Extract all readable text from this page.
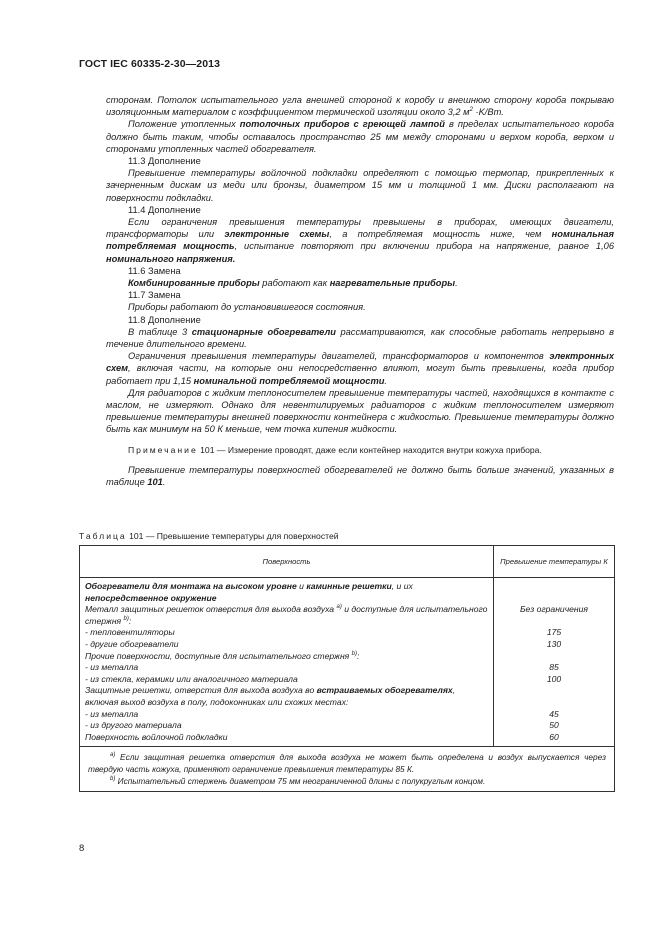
ГОСТ IEC 60335-2-30—2013

сторонам. Потолок испытательного угла внешней стороной к коробу и внешнюю сторону короба покрываю изоляционным материалом с коэффициентом термической изоляции около 3,2 $м^2 \cdot K/Вт$.

Положение утопленных потолочных приборов с греющей лампой в пределах испытательного короба должно быть таким, чтобы оставалось пространство 25 мм между сторонами и верхом короба, верхом и сторонами утопленных частей обогревателя.

11.3 Дополнение

Превышение температуры войлочной подкладки определяют с помощью термопар, прикрепленных к зачерненным дискам из меди или бронзы, диаметром 15 мм и толщиной 1 мм. Диски располагают на поверхности подкладки.

11.4 Дополнение

Если ограничения превышения температуры превышены в приборах, имеющих двигатели, трансформаторы или электронные схемы, а потребляемая мощность ниже, чем номинальная потребляемая мощность, испытание повторяют при включении прибора на напряжение, равное 1,06 номинального напряжения.

11.6 Замена

Комбинированные приборы работают как нагревательные приборы.

11.7 Замена

Приборы работают до установившегося состояния.

11.8 Дополнение

В таблице 3 стационарные обогреватели рассматриваются, как способные работать непрерывно в течение длительного времени.

Ограничения превышения температуры двигателей, трансформаторов и компонентов электронных схем, включая части, на которые они непосредственно влияют, могут быть превышены, когда прибор работает при 1,15 номинальной потребляемой мощности.

Для радиаторов с жидким теплоносителем превышение температуры частей, находящихся в контакте с маслом, не измеряют. Однако для невентилируемых радиаторов с жидким теплоносителем измеряют превышение температуры внешней поверхности контейнера с жидкостью. Превышение температуры должно быть как минимум на 50 К меньше, чем точка кипения жидкости.

Примечание 101 — Измерение проводят, даже если контейнер находится внутри кожуха прибора.

Превышение температуры поверхностей обогревателей не должно быть больше значений, указанных в таблице 101.

Таблица 101 — Превышение температуры для поверхностей
Поверхность	Превышение температуры К
Обогреватели для монтажа на высоком уровне и каминные решетки, и их непосредственное окружение	
Металл защитных решеток отверстия для выхода воздуха $^{а)}$ и доступные для испытательного стержня $^{b)}$:	Без ограничения
- тепловентиляторы	175
- другие обогреватели	130
Прочие поверхности, доступные для испытательного стержня $^{b)}$:	
- из металла	85
- из стекла, керамики или аналогичного материала	100
Защитные решетки, отверстия для выхода воздуха во встраиваемых обогревателях, включая выход воздуха в полу, подоконниках или схожих местах:	
- из металла	45
- из другого материала	50
Поверхность войлочной подкладки	60

$^{а)}$ Если защитная решетка отверстия для выхода воздуха не может быть определена и воздух выпускается через твердую часть кожуха, применяют ограничение превышения температуры 85 К.

$^{b)}$ Испытательный стержень диаметром 75 мм неограниченной длины с полукруглым концом.	

8
